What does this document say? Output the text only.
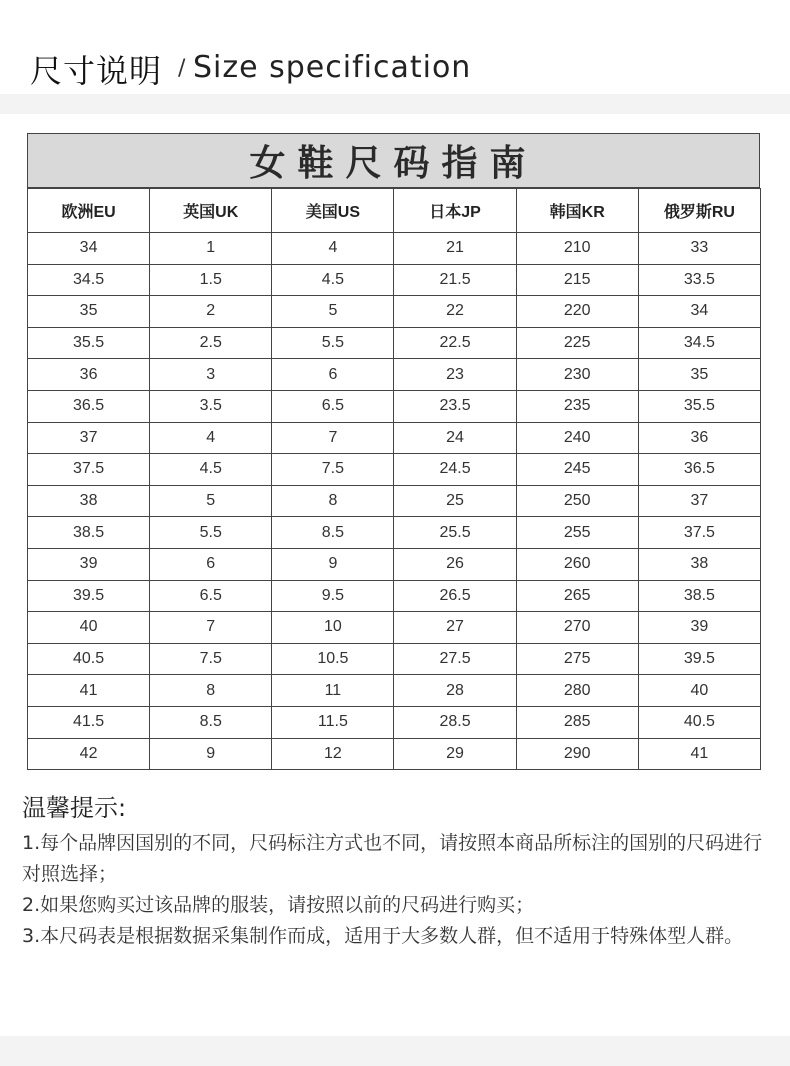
尺寸说明 / Size specification
女鞋尺码指南
欧洲EU	英国UK	美国US	日本JP	韩国KR	俄罗斯RU
34	1	4	21	210	33
34.5	1.5	4.5	21.5	215	33.5
35	2	5	22	220	34
35.5	2.5	5.5	22.5	225	34.5
36	3	6	23	230	35
36.5	3.5	6.5	23.5	235	35.5
37	4	7	24	240	36
37.5	4.5	7.5	24.5	245	36.5
38	5	8	25	250	37
38.5	5.5	8.5	25.5	255	37.5
39	6	9	26	260	38
39.5	6.5	9.5	26.5	265	38.5
40	7	10	27	270	39
40.5	7.5	10.5	27.5	275	39.5
41	8	11	28	280	40
41.5	8.5	11.5	28.5	285	40.5
42	9	12	29	290	41
温馨提示:
1.每个品牌因国别的不同，尺码标注方式也不同，请按照本商品所标注的国别的尺码进行对照选择；
2.如果您购买过该品牌的服装，请按照以前的尺码进行购买；
3.本尺码表是根据数据采集制作而成，适用于大多数人群，但不适用于特殊体型人群。
